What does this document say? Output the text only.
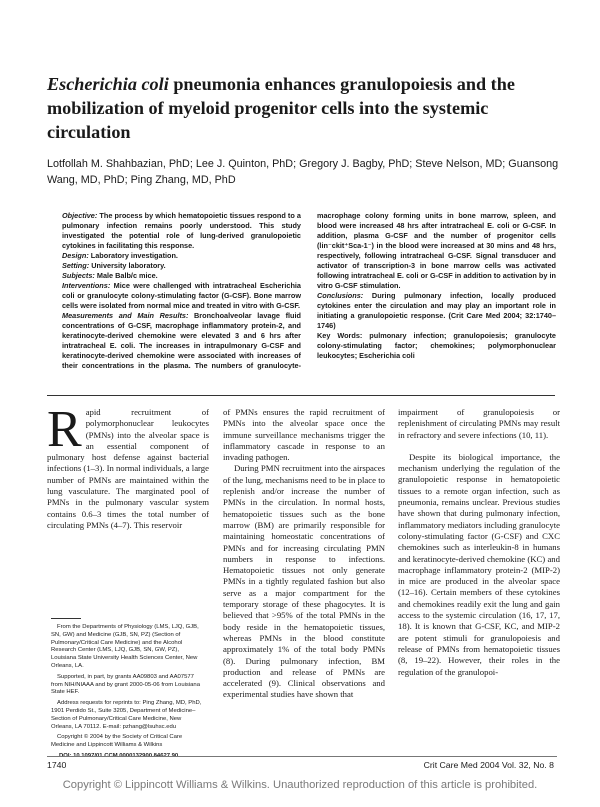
Escherichia coli pneumonia enhances granulopoiesis and the mobilization of myeloid progenitor cells into the systemic circulation

Lotfollah M. Shahbazian, PhD; Lee J. Quinton, PhD; Gregory J. Bagby, PhD; Steve Nelson, MD; Guansong Wang, MD, PhD; Ping Zhang, MD, PhD

Objective: The process by which hematopoietic tissues respond to a pulmonary infection remains poorly understood. This study investigated the potential role of lung-derived granulopoietic cytokines in facilitating this response.

Design: Laboratory investigation.

Setting: University laboratory.

Subjects: Male Balb/c mice.

Interventions: Mice were challenged with intratracheal Escherichia coli or granulocyte colony-stimulating factor (G-CSF). Bone marrow cells were isolated from normal mice and treated in vitro with G-CSF.

Measurements and Main Results: Bronchoalveolar lavage fluid concentrations of G-CSF, macrophage inflammatory protein-2, and keratinocyte-derived chemokine were elevated 3 and 6 hrs after intratracheal E. coli. The increases in intrapulmonary G-CSF and keratinocyte-derived chemokine were associated with increases of their concentrations in the plasma. The numbers of granulocyte-macrophage colony forming units in bone marrow, spleen, and blood were increased 48 hrs after intratracheal E. coli or G-CSF. In addition, plasma G-CSF and the number of progenitor cells (lin⁻ckit⁺Sca-1⁻) in the blood were increased at 30 mins and 48 hrs, respectively, following intratracheal G-CSF. Signal transducer and activator of transcription-3 in bone marrow cells was activated following intratracheal E. coli or G-CSF in addition to activation by in vitro G-CSF stimulation.

Conclusions: During pulmonary infection, locally produced cytokines enter the circulation and may play an important role in initiating a granulopoietic response. (Crit Care Med 2004; 32:1740–1746)

Key Words: pulmonary infection; granulopoiesis; granulocyte colony-stimulating factor; chemokines; polymorphonuclear leukocytes; Escherichia coli

Rapid recruitment of polymorphonuclear leukocytes (PMNs) into the alveolar space is an essential component of pulmonary host defense against bacterial infections (1–3). In normal individuals, a large number of PMNs are maintained within the lung vasculature. The marginated pool of PMNs in the pulmonary vascular system contains 0.6–3 times the total number of circulating PMNs (4–7). This reservoir

of PMNs ensures the rapid recruitment of PMNs into the alveolar space once the immune surveillance mechanisms trigger the inflammatory cascade in response to an invading pathogen.

During PMN recruitment into the airspaces of the lung, mechanisms need to be in place to replenish and/or increase the number of PMNs in the circulation. In normal hosts, hematopoietic tissues such as the bone marrow (BM) are primarily responsible for maintaining homeostatic concentrations of PMNs and for increasing circulating PMN numbers in response to infections. Hematopoietic tissues not only generate PMNs in a tightly regulated fashion but also serve as a major compartment for the temporary storage of these phagocytes. It is believed that >95% of the total PMNs in the body reside in the hematopoietic tissues, whereas PMNs in the blood constitute approximately 1% of the total body PMNs (8). During pulmonary infection, BM production and release of PMNs are accelerated (9). Clinical observations and experimental studies have shown that

impairment of granulopoiesis or replenishment of circulating PMNs may result in refractory and severe infections (10, 11).

Despite its biological importance, the mechanism underlying the regulation of the granulopoietic response in hematopoietic tissues to a remote organ infection, such as pneumonia, remains unclear. Previous studies have shown that during pulmonary infection, inflammatory mediators including granulocyte colony-stimulating factor (G-CSF) and CXC chemokines such as interleukin-8 in humans and keratinocyte-derived chemokine (KC) and macrophage inflammatory protein-2 (MIP-2) in mice are produced in the alveolar space (12–16). Certain members of these cytokines and chemokines readily exit the lung and gain access to the systemic circulation (16, 17, 17, 18). It is known that G-CSF, KC, and MIP-2 are potent stimuli for granulopoiesis and release of PMNs from hematopoietic tissues (8, 19–22). However, their roles in the regulation of the granulopoi-

From the Departments of Physiology (LMS, LJQ, GJB, SN, GW) and Medicine (GJB, SN, PZ) (Section of Pulmonary/Critical Care Medicine) and the Alcohol Research Center (LMS, LJQ, GJB, SN, GW, PZ), Louisiana State University Health Sciences Center, New Orleans, LA.

Supported, in part, by grants AA09803 and AA07577 from NIH/NIAAA and by grant 2000-05-06 from Louisiana State HEF.

Address requests for reprints to: Ping Zhang, MD, PhD, 1901 Perdido St., Suite 3205, Department of Medicine–Section of Pulmonary/Critical Care Medicine, New Orleans, LA 70112. E-mail: pzhang@lsuhsc.edu

Copyright © 2004 by the Society of Critical Care Medicine and Lippincott Williams & Wilkins

DOI: 10.1097/01.CCM.0000132900.84627.90

1740	Crit Care Med 2004 Vol. 32, No. 8
Copyright © Lippincott Williams & Wilkins. Unauthorized reproduction of this article is prohibited.
